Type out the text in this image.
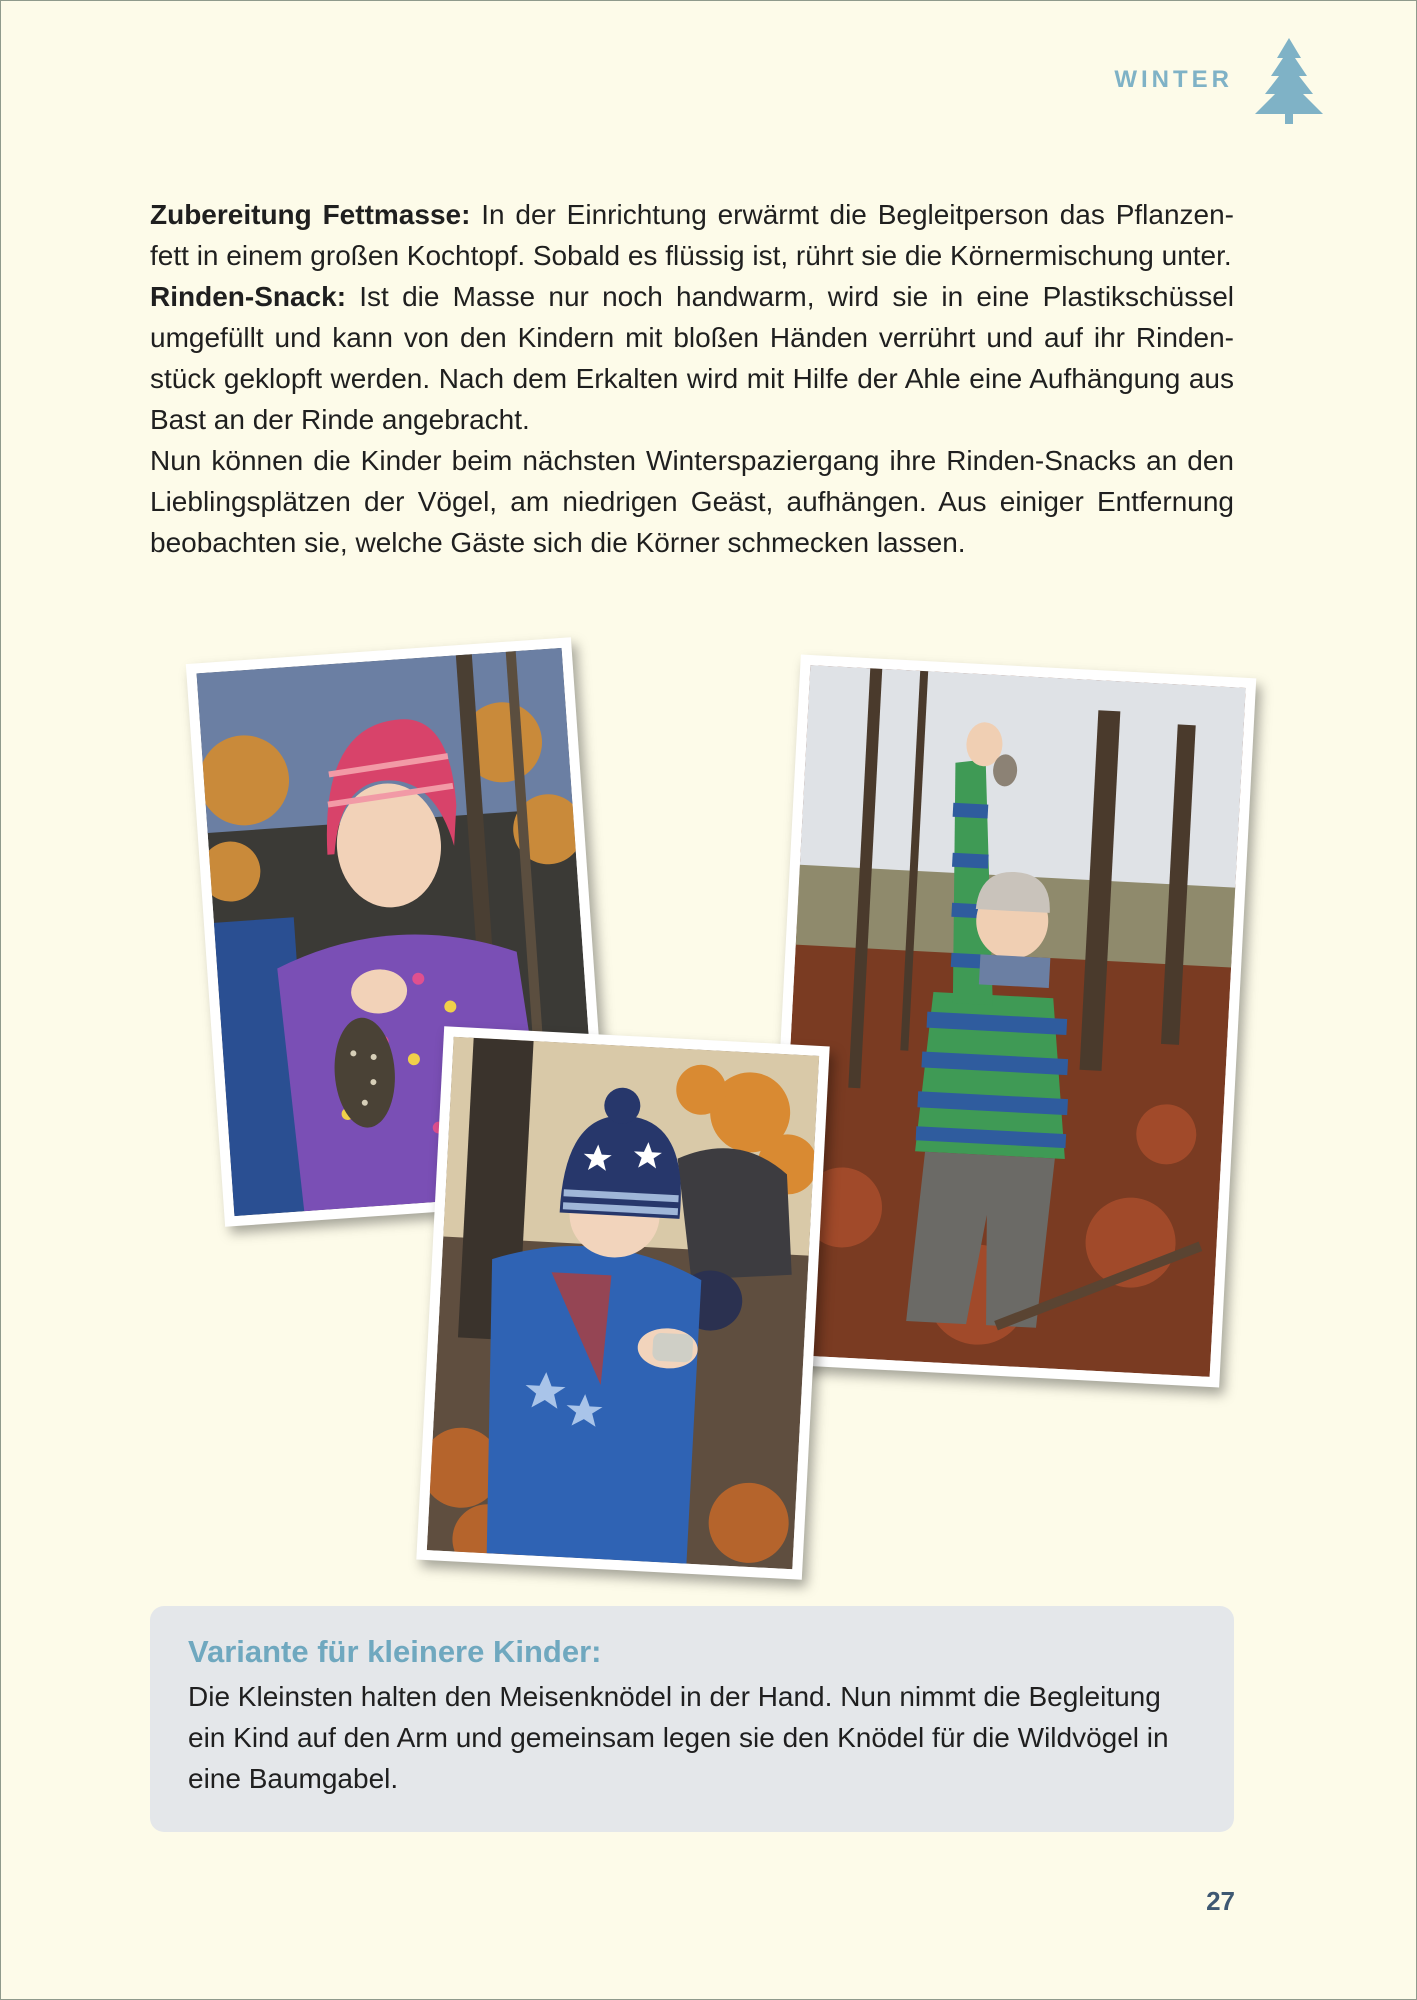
WINTER

Zubereitung Fettmasse: In der Einrichtung erwärmt die Begleitperson das Pflanzenfett in einem großen Kochtopf. Sobald es flüssig ist, rührt sie die Körnermischung unter.

Rinden-Snack: Ist die Masse nur noch handwarm, wird sie in eine Plastikschüssel umgefüllt und kann von den Kindern mit bloßen Händen verrührt und auf ihr Rindenstück geklopft werden. Nach dem Erkalten wird mit Hilfe der Ahle eine Aufhängung aus Bast an der Rinde angebracht.

Nun können die Kinder beim nächsten Winterspaziergang ihre Rinden-Snacks an den Lieblingsplätzen der Vögel, am niedrigen Geäst, aufhängen. Aus einiger Entfernung beobachten sie, welche Gäste sich die Körner schmecken lassen.

Variante für kleinere Kinder:

Die Kleinsten halten den Meisenknödel in der Hand. Nun nimmt die Begleitung ein Kind auf den Arm und gemeinsam legen sie den Knödel für die Wildvögel in eine Baumgabel.

27
